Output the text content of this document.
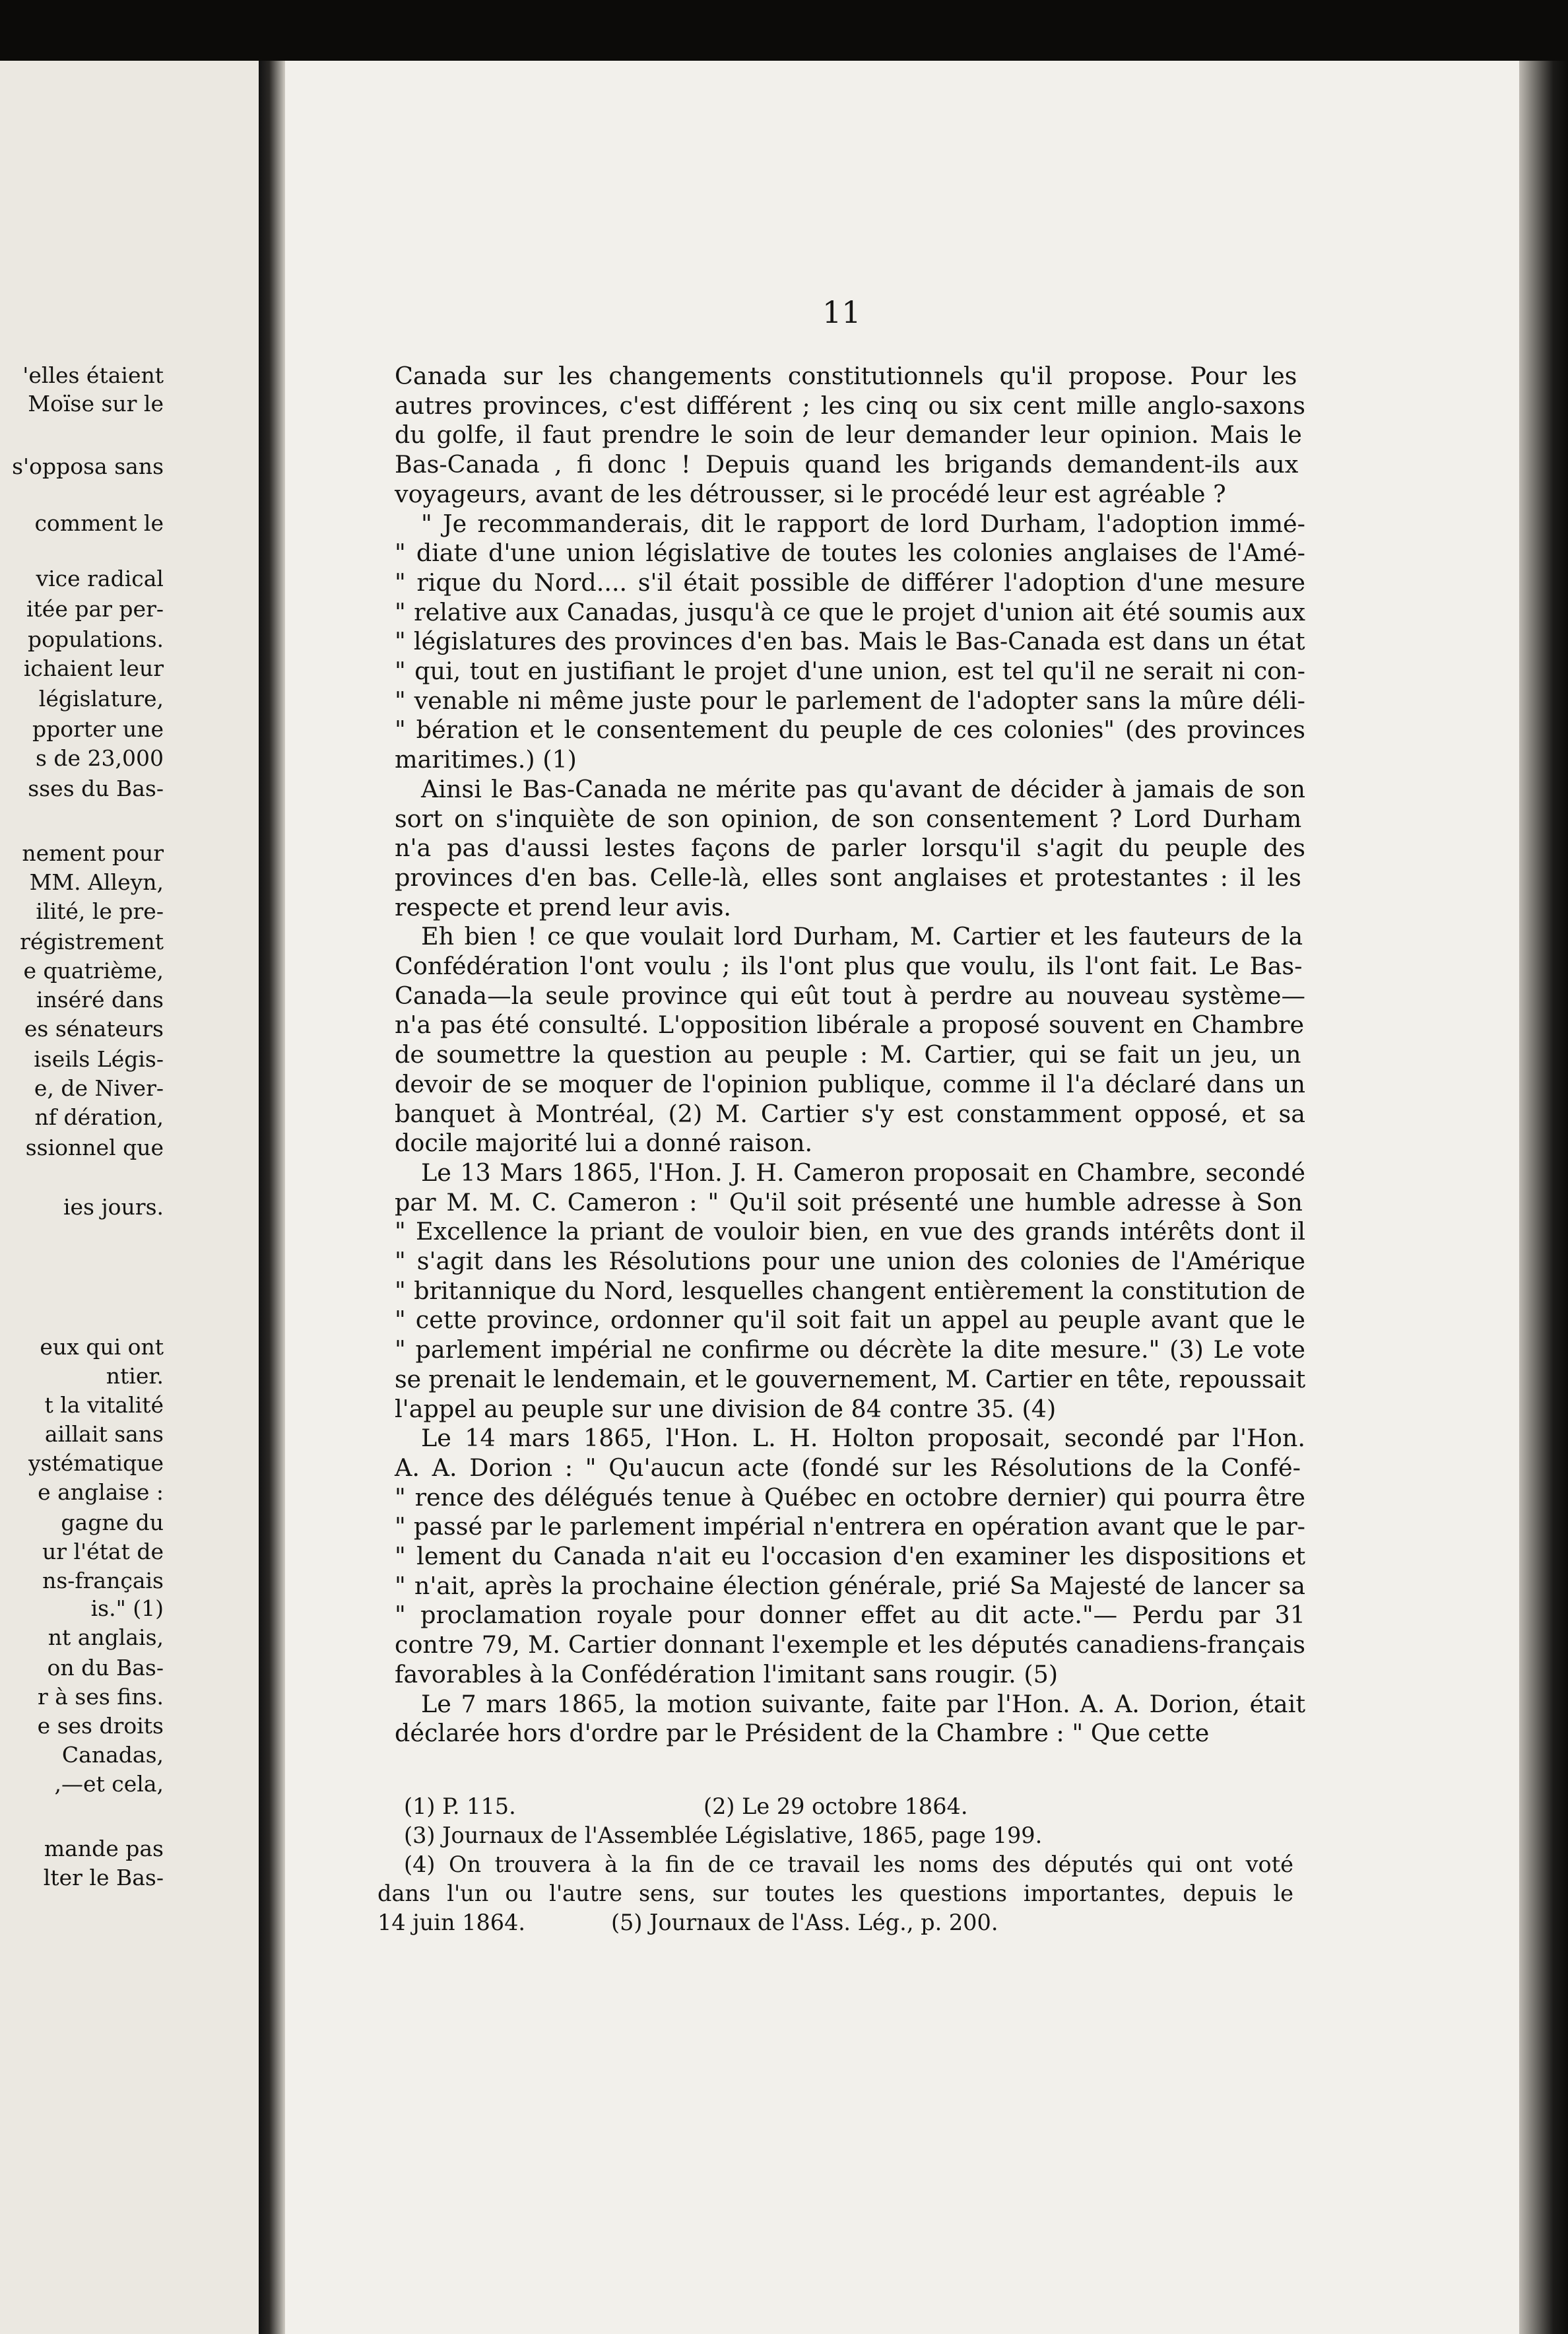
'elles étaient
Moïse sur le
s'opposa sans
comment le
vice radical
itée par per-
populations.
ichaient leur
législature,
pporter une
s de 23,000
sses du Bas-
nement pour
MM. Alleyn,
ilité, le pre-
régistrement
e quatrième,
inséré dans
es sénateurs
iseils Légis-
e, de Niver-
nf dération,
ssionnel que
ies jours.
eux qui ont
ntier.
t la vitalité
aillait sans
ystématique
e anglaise :
gagne du
ur l'état de
ns-français
is." (1)
nt anglais,
on du Bas-
r à ses fins.
e ses droits
Canadas,
,—et cela,
mande pas
lter le Bas-
11
Canada sur les changements constitutionnels qu'il propose. Pour les
autres provinces, c'est différent ; les cinq ou six cent mille anglo-saxons
du golfe, il faut prendre le soin de leur demander leur opinion. Mais le
Bas-Canada , fi donc ! Depuis quand les brigands demandent-ils aux
voyageurs, avant de les détrousser, si le procédé leur est agréable ?
" Je recommanderais, dit le rapport de lord Durham, l'adoption immé-
" diate d'une union législative de toutes les colonies anglaises de l'Amé-
" rique du Nord.... s'il était possible de différer l'adoption d'une mesure
" relative aux Canadas, jusqu'à ce que le projet d'union ait été soumis aux
" législatures des provinces d'en bas. Mais le Bas-Canada est dans un état
" qui, tout en justifiant le projet d'une union, est tel qu'il ne serait ni con-
" venable ni même juste pour le parlement de l'adopter sans la mûre déli-
" bération et le consentement du peuple de ces colonies" (des provinces
maritimes.) (1)
Ainsi le Bas-Canada ne mérite pas qu'avant de décider à jamais de son
sort on s'inquiète de son opinion, de son consentement ? Lord Durham
n'a pas d'aussi lestes façons de parler lorsqu'il s'agit du peuple des
provinces d'en bas. Celle-là, elles sont anglaises et protestantes : il les
respecte et prend leur avis.
Eh bien ! ce que voulait lord Durham, M. Cartier et les fauteurs de la
Confédération l'ont voulu ; ils l'ont plus que voulu, ils l'ont fait. Le Bas-
Canada—la seule province qui eût tout à perdre au nouveau système—
n'a pas été consulté. L'opposition libérale a proposé souvent en Chambre
de soumettre la question au peuple : M. Cartier, qui se fait un jeu, un
devoir de se moquer de l'opinion publique, comme il l'a déclaré dans un
banquet à Montréal, (2) M. Cartier s'y est constamment opposé, et sa
docile majorité lui a donné raison.
Le 13 Mars 1865, l'Hon. J. H. Cameron proposait en Chambre, secondé
par M. M. C. Cameron : " Qu'il soit présenté une humble adresse à Son
" Excellence la priant de vouloir bien, en vue des grands intérêts dont il
" s'agit dans les Résolutions pour une union des colonies de l'Amérique
" britannique du Nord, lesquelles changent entièrement la constitution de
" cette province, ordonner qu'il soit fait un appel au peuple avant que le
" parlement impérial ne confirme ou décrète la dite mesure." (3) Le vote
se prenait le lendemain, et le gouvernement, M. Cartier en tête, repoussait
l'appel au peuple sur une division de 84 contre 35. (4)
Le 14 mars 1865, l'Hon. L. H. Holton proposait, secondé par l'Hon.
A. A. Dorion : " Qu'aucun acte (fondé sur les Résolutions de la Confé-
" rence des délégués tenue à Québec en octobre dernier) qui pourra être
" passé par le parlement impérial n'entrera en opération avant que le par-
" lement du Canada n'ait eu l'occasion d'en examiner les dispositions et
" n'ait, après la prochaine élection générale, prié Sa Majesté de lancer sa
" proclamation royale pour donner effet au dit acte."— Perdu par 31
contre 79, M. Cartier donnant l'exemple et les députés canadiens-français
favorables à la Confédération l'imitant sans rougir. (5)
Le 7 mars 1865, la motion suivante, faite par l'Hon. A. A. Dorion, était
déclarée hors d'ordre par le Président de la Chambre : " Que cette
(1) P. 115.	(2) Le 29 octobre 1864.
(3) Journaux de l'Assemblée Législative, 1865, page 199.
(4) On trouvera à la fin de ce travail les noms des députés qui ont voté
dans l'un ou l'autre sens, sur toutes les questions importantes, depuis le
14 juin 1864.	(5) Journaux de l'Ass. Lég., p. 200.
